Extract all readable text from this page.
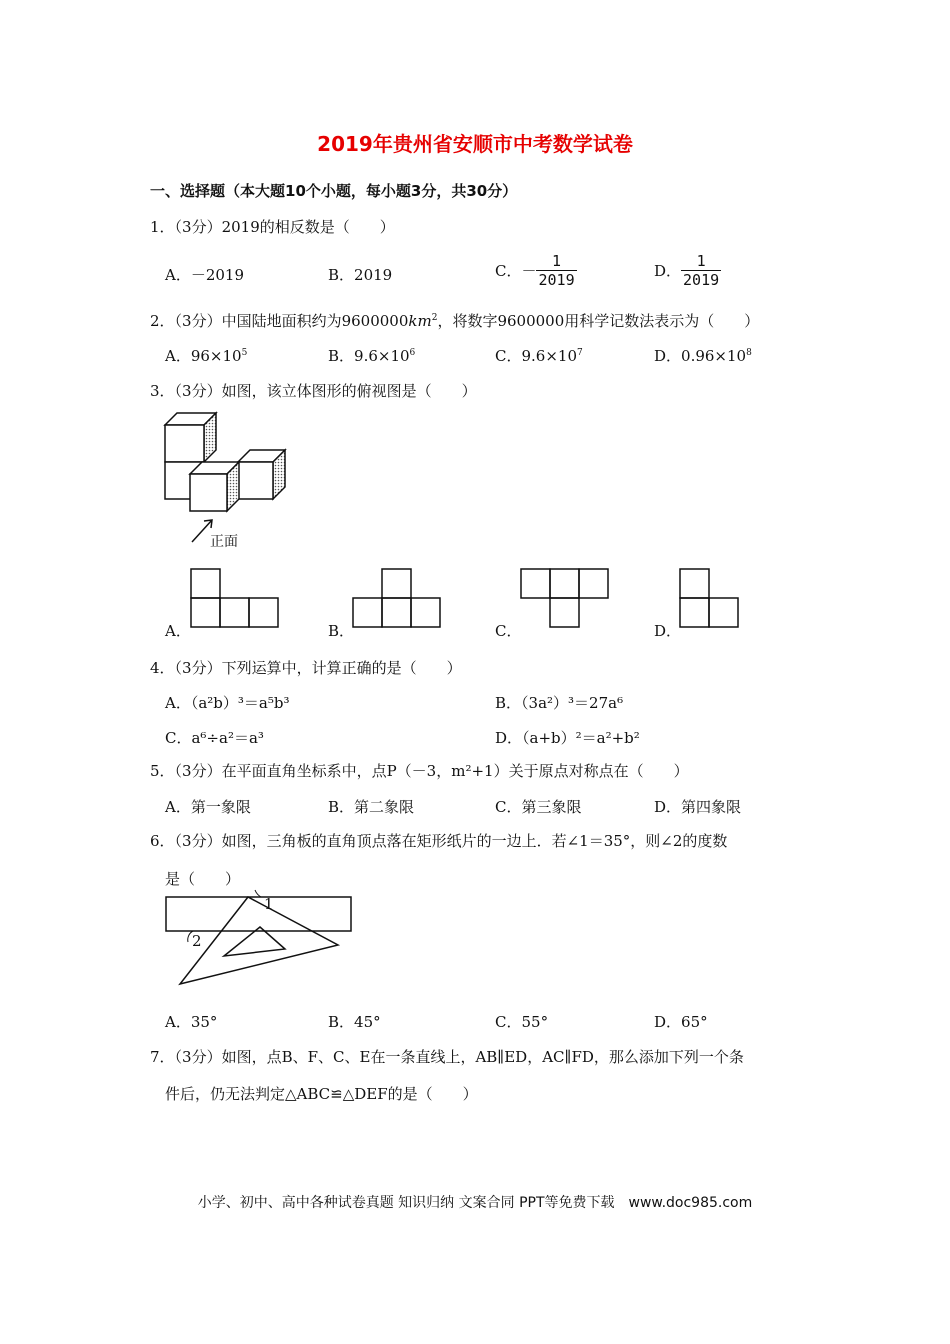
2019年贵州省安顺市中考数学试卷
一、选择题（本大题10个小题，每小题3分，共30分）
1．（3分）2019的相反数是（　　）
A．－2019	B．2019	C．－ $\frac{1}{2019}$	D． $\frac{1}{2019}$
2．（3分）中国陆地面积约为$9600000km^2$，将数字9600000用科学记数法表示为（　　）
A．$96\times 10^5$	B．$9.6\times 10^6$	C．$9.6\times 10^7$	D．$0.96\times 10^8$
3．（3分）如图，该立体图形的俯视图是（　　）
正面
A．	B．	C．	D．
4．（3分）下列运算中，计算正确的是（　　）
A．（a²b）³＝a⁵b³	B．（3a²）³＝27a⁶
C．a⁶÷a²＝a³	D．（a+b）²＝a²+b²
5．（3分）在平面直角坐标系中，点P（－3，m²+1）关于原点对称点在（　　）
A．第一象限	B．第二象限	C．第三象限	D．第四象限
6．（3分）如图，三角板的直角顶点落在矩形纸片的一边上．若∠1＝35°，则∠2的度数
是（　　）
1
2
A．35°	B．45°	C．55°	D．65°
7．（3分）如图，点B、F、C、E在一条直线上，AB∥ED，AC∥FD，那么添加下列一个条
件后，仍无法判定△ABC≌△DEF的是（　　）
小学、初中、高中各种试卷真题 知识归纳 文案合同 PPT等免费下载　www.doc985.com
